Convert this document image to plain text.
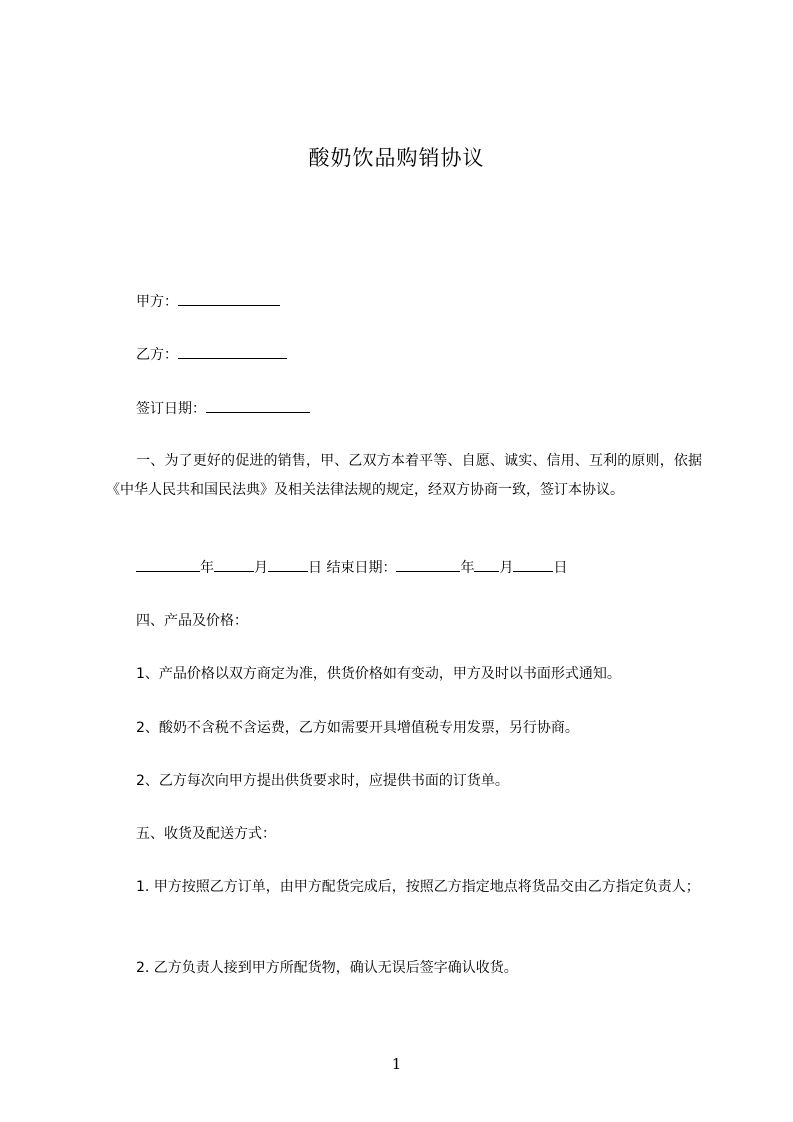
酸奶饮品购销协议
甲方：
乙方：
签订日期：
一、为了更好的促进的销售，甲、乙双方本着平等、自愿、诚实、信用、互利的原则，依据《中华人民共和国民法典》及相关法律法规的规定，经双方协商一致，签订本协议。
年	月	日 结束日期：	年 月	日
四、产品及价格：
1、产品价格以双方商定为准，供货价格如有变动，甲方及时以书面形式通知。
2、酸奶不含税不含运费，乙方如需要开具增值税专用发票，另行协商。
2、乙方每次向甲方提出供货要求时，应提供书面的订货单。
五、收货及配送方式：
1. 甲方按照乙方订单，由甲方配货完成后，按照乙方指定地点将货品交由乙方指定负责人；
2. 乙方负责人接到甲方所配货物，确认无误后签字确认收货。
1
